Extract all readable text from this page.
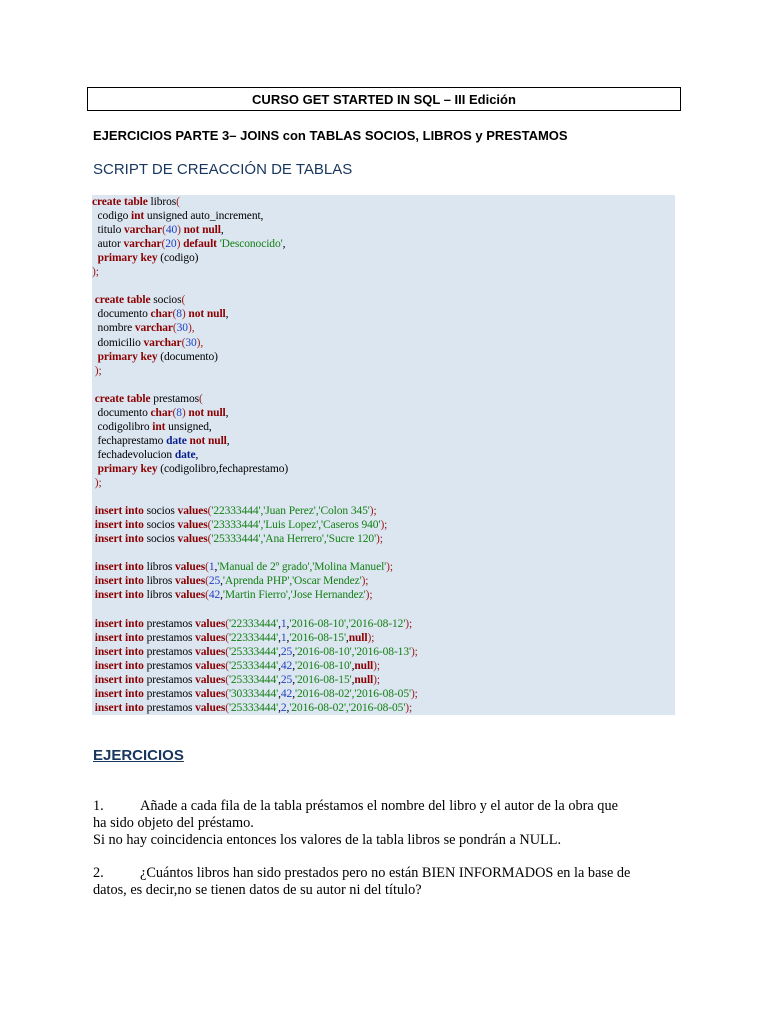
CURSO GET STARTED IN SQL – III Edición
EJERCICIOS PARTE 3– JOINS con TABLAS SOCIOS, LIBROS y PRESTAMOS
SCRIPT DE CREACCIÓN DE TABLAS
create table libros(
codigo int unsigned auto_increment,
titulo varchar(40) not null,
autor varchar(20) default 'Desconocido',
primary key (codigo)
);
create table socios(
documento char(8) not null,
nombre varchar(30),
domicilio varchar(30),
primary key (documento)
);
create table prestamos(
documento char(8) not null,
codigolibro int unsigned,
fechaprestamo date not null,
fechadevolucion date,
primary key (codigolibro,fechaprestamo)
);
insert into socios values('22333444','Juan Perez','Colon 345');
insert into socios values('23333444','Luis Lopez','Caseros 940');
insert into socios values('25333444','Ana Herrero','Sucre 120');
insert into libros values(1,'Manual de 2º grado','Molina Manuel');
insert into libros values(25,'Aprenda PHP','Oscar Mendez');
insert into libros values(42,'Martin Fierro','Jose Hernandez');
insert into prestamos values('22333444',1,'2016-08-10','2016-08-12');
insert into prestamos values('22333444',1,'2016-08-15',null);
insert into prestamos values('25333444',25,'2016-08-10','2016-08-13');
insert into prestamos values('25333444',42,'2016-08-10',null);
insert into prestamos values('25333444',25,'2016-08-15',null);
insert into prestamos values('30333444',42,'2016-08-02','2016-08-05');
insert into prestamos values('25333444',2,'2016-08-02','2016-08-05');
EJERCICIOS
1.	Añade a cada fila de la tabla préstamos el nombre del libro y el autor de la obra que
ha sido objeto del préstamo.
Si no hay coincidencia entonces los valores de la tabla libros se pondrán a NULL.
2.	¿Cuántos libros han sido prestados pero no están BIEN INFORMADOS en la base de
datos, es decir,no se tienen datos de su autor ni del título?
